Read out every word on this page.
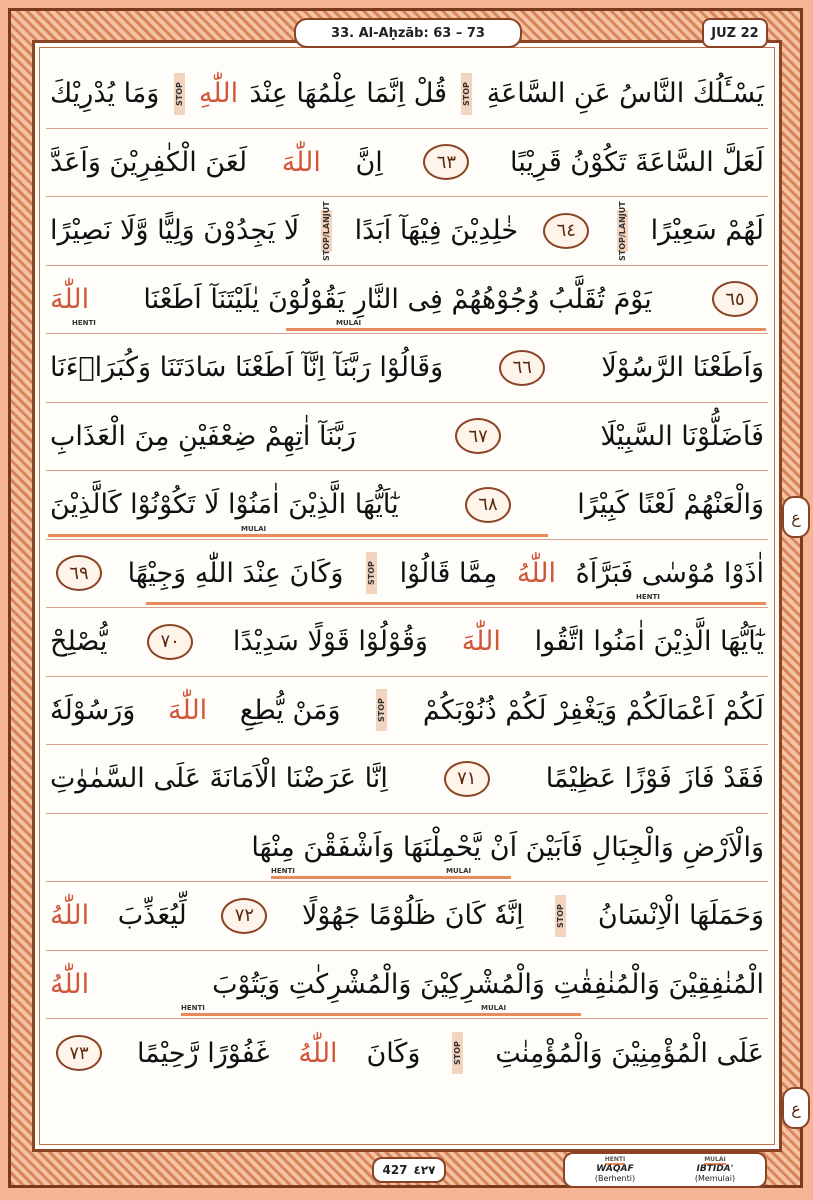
33. Al-Aḥzāb: 63 – 73	JUZ 22
يَسْـَٔلُكَ النَّاسُ عَنِ السَّاعَةِ
STOP
قُلْ اِنَّمَا عِلْمُهَا عِنْدَ
اللّٰهِ
STOP
وَمَا يُدْرِيْكَ
لَعَلَّ السَّاعَةَ تَكُوْنُ قَرِيْبًا
٦٣
اِنَّ
اللّٰهَ
لَعَنَ الْكٰفِرِيْنَ وَاَعَدَّ
لَهُمْ سَعِيْرًا
STOP/LANJUT
٦٤
خٰلِدِيْنَ فِيْهَآ اَبَدًا
STOP/LANJUT
لَا يَجِدُوْنَ وَلِيًّا وَّلَا نَصِيْرًا
٦٥
يَوْمَ تُقَلَّبُ وُجُوْهُهُمْ فِى النَّارِ يَقُوْلُوْنَ يٰلَيْتَنَآ اَطَعْنَا
اللّٰهَ
HENTI	MULAI
وَاَطَعْنَا الرَّسُوْلَا
٦٦
وَقَالُوْا رَبَّنَآ اِنَّآ اَطَعْنَا سَادَتَنَا وَكُبَرَاۤءَنَا
فَاَضَلُّوْنَا السَّبِيْلَا
٦٧
رَبَّنَآ اٰتِهِمْ ضِعْفَيْنِ مِنَ الْعَذَابِ
وَالْعَنْهُمْ لَعْنًا كَبِيْرًا
٦٨
يٰٓاَيُّهَا الَّذِيْنَ اٰمَنُوْا لَا تَكُوْنُوْا كَالَّذِيْنَ
MULAI
اٰذَوْا مُوْسٰى فَبَرَّاَهُ
اللّٰهُ
مِمَّا قَالُوْا
STOP
وَكَانَ عِنْدَ اللّٰهِ وَجِيْهًا
٦٩
HENTI
يٰٓاَيُّهَا الَّذِيْنَ اٰمَنُوا اتَّقُوا
اللّٰهَ
وَقُوْلُوْا قَوْلًا سَدِيْدًا
٧٠
يُّصْلِحْ
لَكُمْ اَعْمَالَكُمْ وَيَغْفِرْ لَكُمْ ذُنُوْبَكُمْ
STOP
وَمَنْ يُّطِعِ
اللّٰهَ
وَرَسُوْلَهٗ
فَقَدْ فَازَ فَوْزًا عَظِيْمًا
٧١
اِنَّا عَرَضْنَا الْاَمَانَةَ عَلَى السَّمٰوٰتِ
وَالْاَرْضِ وَالْجِبَالِ فَاَبَيْنَ اَنْ يَّحْمِلْنَهَا وَاَشْفَقْنَ مِنْهَا
HENTI	MULAI
وَحَمَلَهَا الْاِنْسَانُ
STOP
اِنَّهٗ كَانَ ظَلُوْمًا جَهُوْلًا
٧٢
لِّيُعَذِّبَ
اللّٰهُ
الْمُنٰفِقِيْنَ وَالْمُنٰفِقٰتِ وَالْمُشْرِكِيْنَ وَالْمُشْرِكٰتِ وَيَتُوْبَ
اللّٰهُ
HENTI	MULAI
عَلَى الْمُؤْمِنِيْنَ وَالْمُؤْمِنٰتِ
STOP
وَكَانَ
اللّٰهُ
غَفُوْرًا رَّحِيْمًا
٧٣
ع
ع
427 ٤٢٧
HENTI
WAQAF
(Berhenti)
MULAI
IBTIDA'
(Memulai)
